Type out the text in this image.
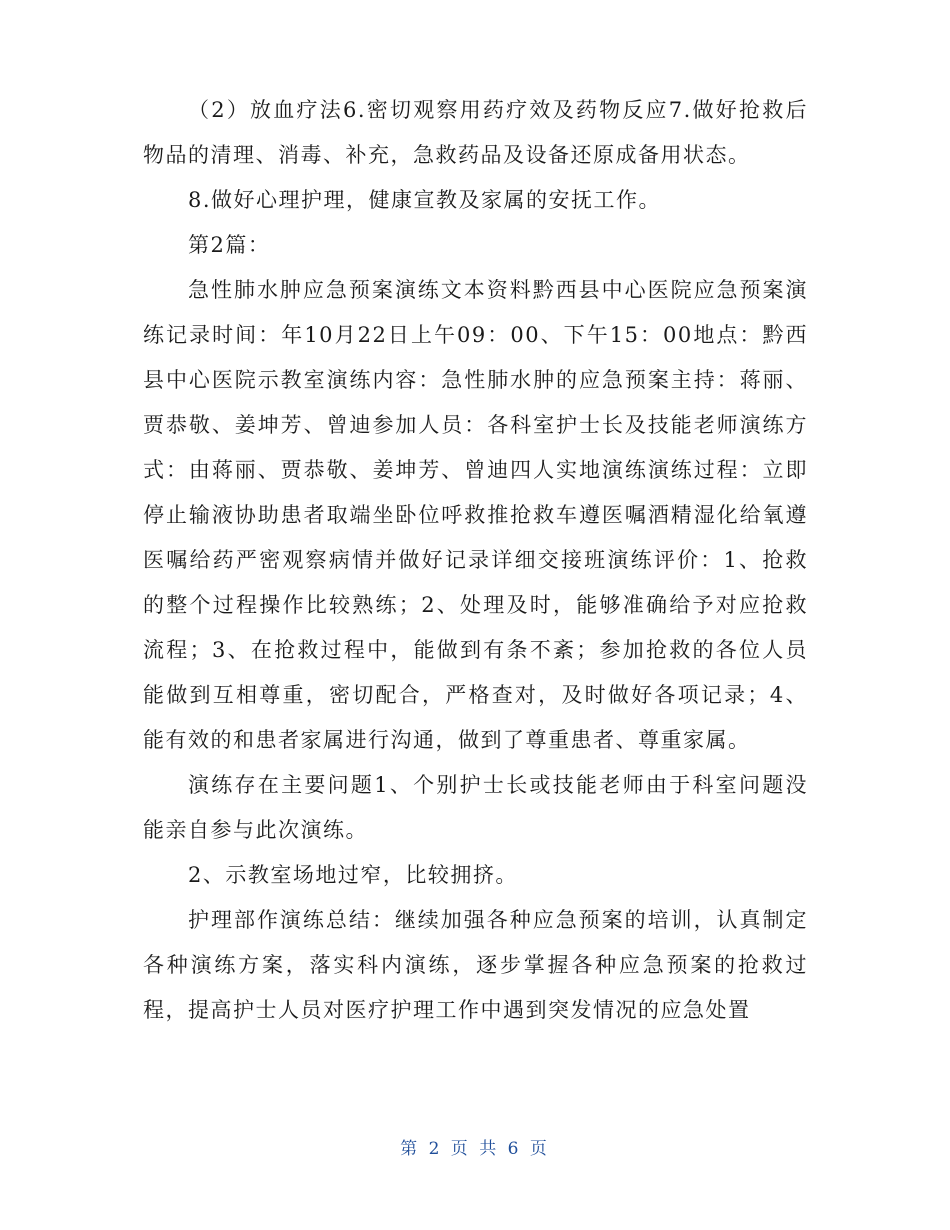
（2）放血疗法6.密切观察用药疗效及药物反应7.做好抢救后物品的清理、消毒、补充，急救药品及设备还原成备用状态。

8.做好心理护理，健康宣教及家属的安抚工作。

第2篇：

急性肺水肿应急预案演练文本资料黔西县中心医院应急预案演练记录时间：年10月22日上午09：00、下午15：00地点：黔西县中心医院示教室演练内容：急性肺水肿的应急预案主持：蒋丽、贾恭敬、姜坤芳、曾迪参加人员：各科室护士长及技能老师演练方式：由蒋丽、贾恭敬、姜坤芳、曾迪四人实地演练演练过程：立即停止输液协助患者取端坐卧位呼救推抢救车遵医嘱酒精湿化给氧遵医嘱给药严密观察病情并做好记录详细交接班演练评价：1、抢救的整个过程操作比较熟练；2、处理及时，能够准确给予对应抢救流程；3、在抢救过程中，能做到有条不紊；参加抢救的各位人员能做到互相尊重，密切配合，严格查对，及时做好各项记录；4、能有效的和患者家属进行沟通，做到了尊重患者、尊重家属。

演练存在主要问题1、个别护士长或技能老师由于科室问题没能亲自参与此次演练。

2、示教室场地过窄，比较拥挤。

护理部作演练总结：继续加强各种应急预案的培训，认真制定各种演练方案，落实科内演练，逐步掌握各种应急预案的抢救过程，提高护士人员对医疗护理工作中遇到突发情况的应急处置

第 2 页 共 6 页
